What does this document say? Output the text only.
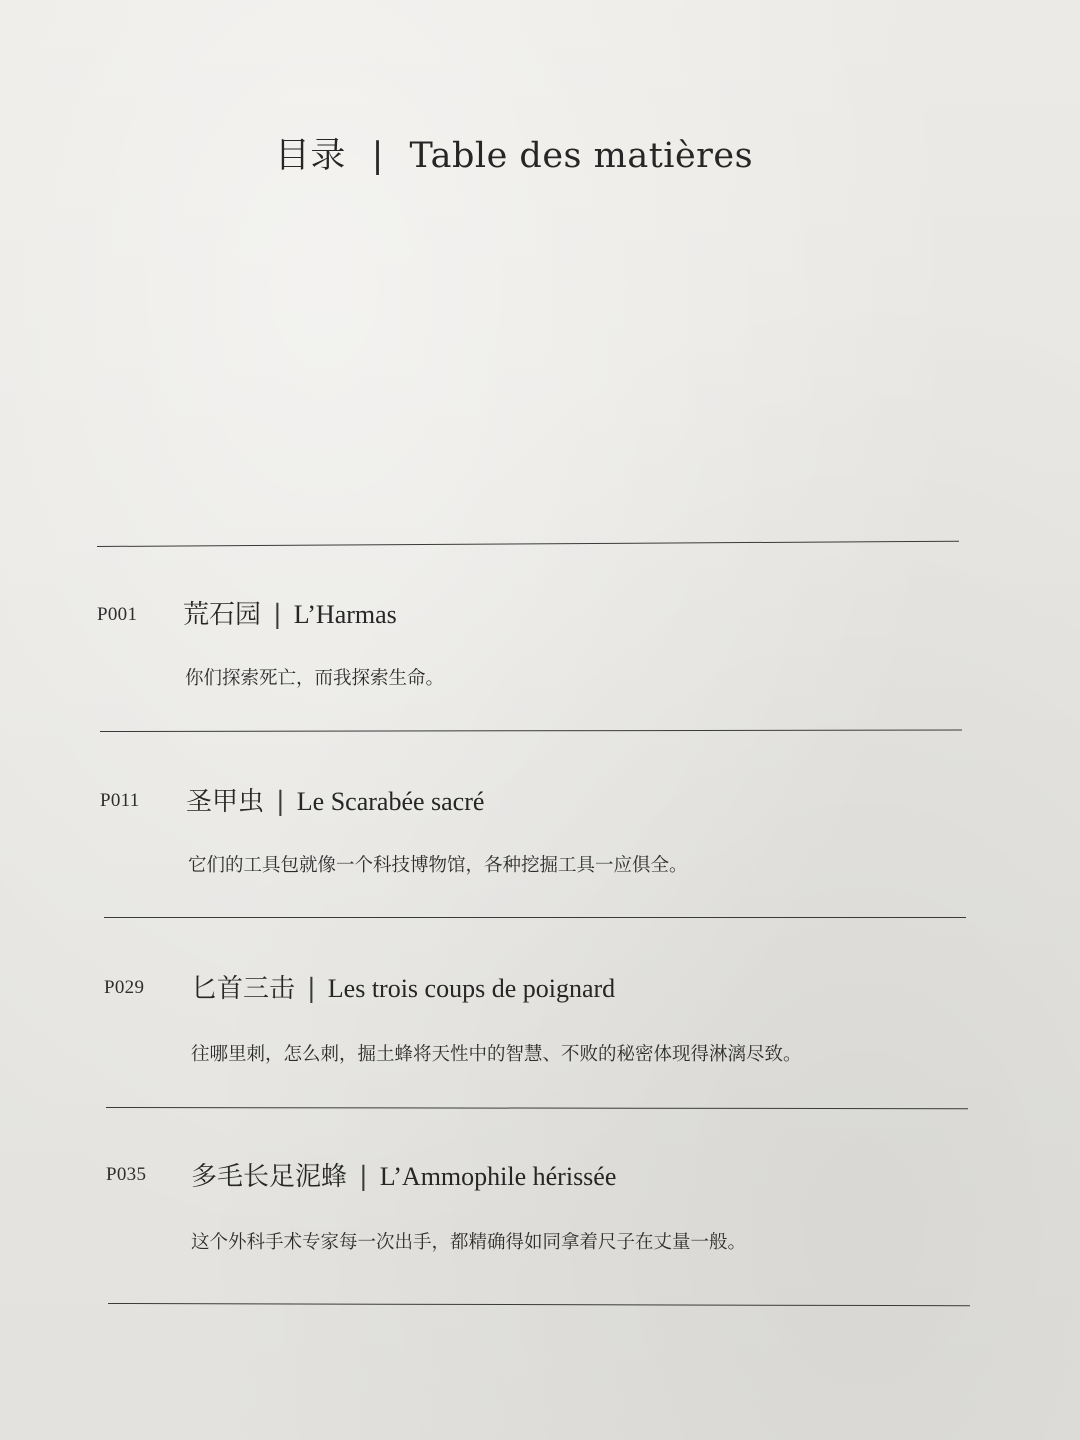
目录 | Table des matières
P001 荒石园 | L’Harmas
你们探索死亡，而我探索生命。
P011 圣甲虫 | Le Scarabée sacré
它们的工具包就像一个科技博物馆，各种挖掘工具一应俱全。
P029 匕首三击 | Les trois coups de poignard
往哪里刺，怎么刺，掘土蜂将天性中的智慧、不败的秘密体现得淋漓尽致。
P035 多毛长足泥蜂 | L’Ammophile hérissée
这个外科手术专家每一次出手，都精确得如同拿着尺子在丈量一般。
